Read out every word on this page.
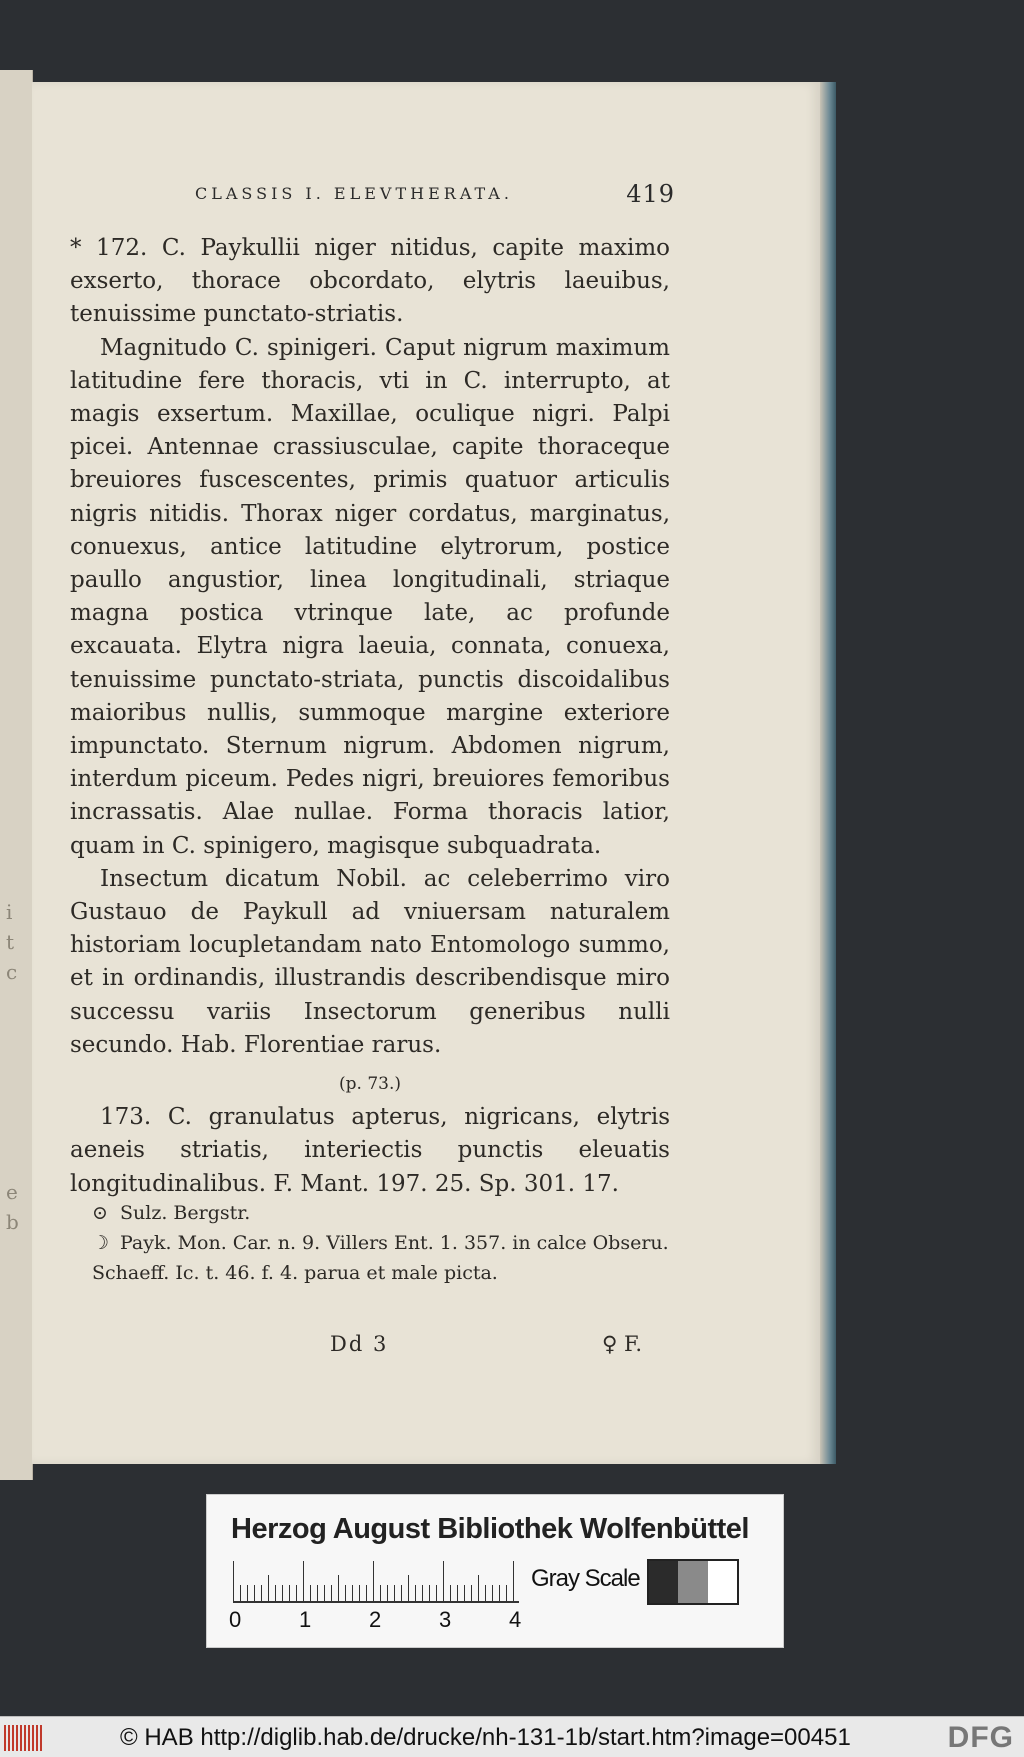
i
t
c
e
b
CLASSIS I. ELEVTHERATA.	419

* 172. C. Paykullii niger nitidus, capite maximo exserto, thorace obcordato, elytris laeuibus, tenuissime punctato-striatis.

Magnitudo C. spinigeri. Caput nigrum maximum latitudine fere thoracis, vti in C. interrupto, at magis exsertum. Maxillae, oculique nigri. Palpi picei. Antennae crassiusculae, capite thoraceque breuiores fuscescentes, primis quatuor articulis nigris nitidis. Thorax niger cordatus, marginatus, conuexus, antice latitudine elytrorum, postice paullo angustior, linea longitudinali, striaque magna postica vtrinque late, ac profunde excauata. Elytra nigra laeuia, connata, conuexa, tenuissime punctato-striata, punctis discoidalibus maioribus nullis, summoque margine exteriore impunctato. Sternum nigrum. Abdomen nigrum, interdum piceum. Pedes nigri, breuiores femoribus incrassatis. Alae nullae. Forma thoracis latior, quam in C. spinigero, magisque subquadrata.

Insectum dicatum Nobil. ac celeberrimo viro Gustauo de Paykull ad vniuersam naturalem historiam locupletandam nato Entomologo summo, et in ordinandis, illustrandis describendisque miro successu variis Insectorum generibus nulli secundo. Hab. Florentiae rarus.

(p. 73.)

173. C. granulatus apterus, nigricans, elytris aeneis striatis, interiectis punctis eleuatis longitudinalibus. F. Mant. 197. 25. Sp. 301. 17.

⊙ Sulz. Bergstr.
☽ Payk. Mon. Car. n. 9. Villers Ent. 1. 357. in calce Obseru.
Schaeff. Ic. t. 46. f. 4. parua et male picta.
Dd 3	♀ F.
Herzog August Bibliothek Wolfenbüttel
0	1	2	3	4
Gray Scale
© HAB http://diglib.hab.de/drucke/nh-131-1b/start.htm?image=00451	DFG
